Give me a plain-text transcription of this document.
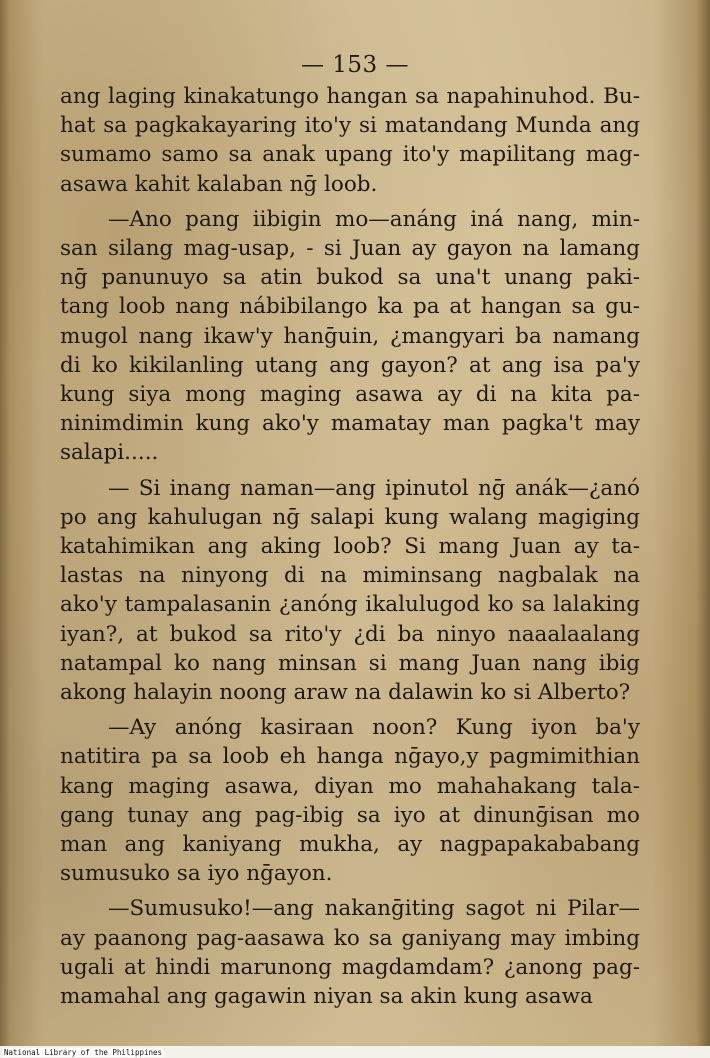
— 153 —
ang laging kinakatungo hangan sa napahinuhod. Bu-
hat sa pagkakayaring ito'y si matandang Munda ang
sumamo samo sa anak upang ito'y mapilitang mag-
asawa kahit kalaban nḡ loob.
—Ano pang iibigin mo—anáng iná nang, min-
san silang mag-usap, - si Juan ay gayon na lamang
nḡ panunuyo sa atin bukod sa una't unang paki-
tang loob nang nábibilango ka pa at hangan sa gu-
mugol nang ikaw'y hanḡuin, ¿mangyari ba namang
di ko kikilanling utang ang gayon? at ang isa pa'y
kung siya mong maging asawa ay di na kita pa-
ninimdimin kung ako'y mamatay man pagka't may
salapi.....
— Si inang naman—ang ipinutol nḡ anák—¿anó
po ang kahulugan nḡ salapi kung walang magiging
katahimikan ang aking loob? Si mang Juan ay ta-
lastas na ninyong di na miminsang nagbalak na
ako'y tampalasanin ¿anóng ikalulugod ko sa lalaking
iyan?, at bukod sa rito'y ¿di ba ninyo naaalaalang
natampal ko nang minsan si mang Juan nang ibig
akong halayin noong araw na dalawin ko si Alberto?
—Ay anóng kasiraan noon? Kung iyon ba'y
natitira pa sa loob eh hanga nḡayo,y pagmimithian
kang maging asawa, diyan mo mahahakang tala-
gang tunay ang pag-ibig sa iyo at dinunḡisan mo
man ang kaniyang mukha, ay nagpapakababang
sumusuko sa iyo nḡayon.
—Sumusuko!—ang nakanḡiting sagot ni Pilar—
ay paanong pag-aasawa ko sa ganiyang may imbing
ugali at hindi marunong magdamdam? ¿anong pag-
mamahal ang gagawin niyan sa akin kung asawa
National Library of the Philippines
